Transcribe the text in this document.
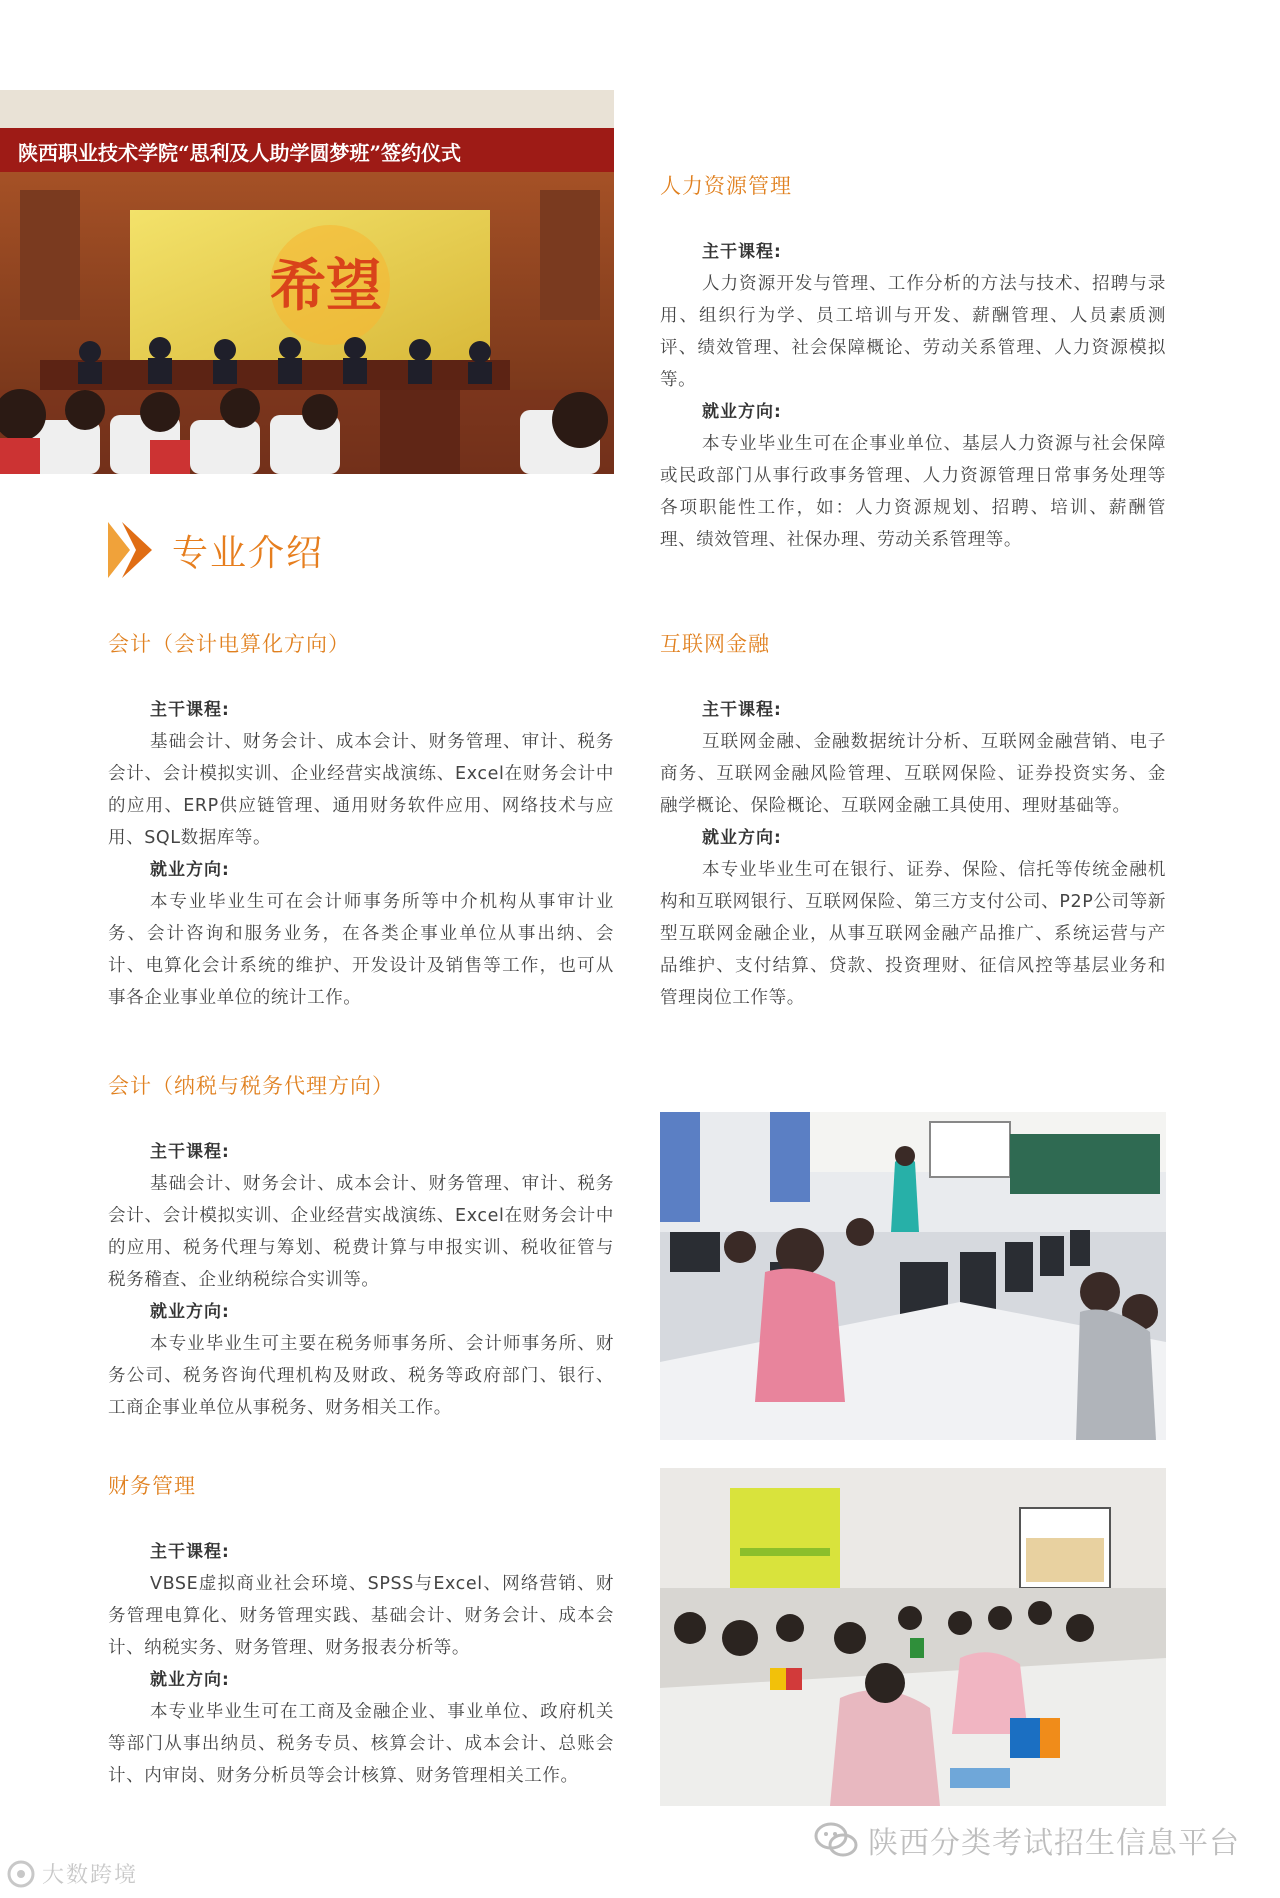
陕西职业技术学院“思利及人助学圆梦班”签约仪式
希望
专业介绍
人力资源管理
主干课程:

人力资源开发与管理、工作分析的方法与技术、招聘与录用、组织行为学、员工培训与开发、薪酬管理、人员素质测评、绩效管理、社会保障概论、劳动关系管理、人力资源模拟等。

就业方向:

本专业毕业生可在企事业单位、基层人力资源与社会保障或民政部门从事行政事务管理、人力资源管理日常事务处理等各项职能性工作，如：人力资源规划、招聘、培训、薪酬管理、绩效管理、社保办理、劳动关系管理等。

会计（会计电算化方向）
主干课程:

基础会计、财务会计、成本会计、财务管理、审计、税务会计、会计模拟实训、企业经营实战演练、Excel在财务会计中的应用、ERP供应链管理、通用财务软件应用、网络技术与应用、SQL数据库等。

就业方向:

本专业毕业生可在会计师事务所等中介机构从事审计业务、会计咨询和服务业务，在各类企事业单位从事出纳、会计、电算化会计系统的维护、开发设计及销售等工作，也可从事各企业事业单位的统计工作。

互联网金融
主干课程:

互联网金融、金融数据统计分析、互联网金融营销、电子商务、互联网金融风险管理、互联网保险、证券投资实务、金融学概论、保险概论、互联网金融工具使用、理财基础等。

就业方向:

本专业毕业生可在银行、证券、保险、信托等传统金融机构和互联网银行、互联网保险、第三方支付公司、P2P公司等新型互联网金融企业，从事互联网金融产品推广、系统运营与产品维护、支付结算、贷款、投资理财、征信风控等基层业务和管理岗位工作等。

会计（纳税与税务代理方向）
主干课程:

基础会计、财务会计、成本会计、财务管理、审计、税务会计、会计模拟实训、企业经营实战演练、Excel在财务会计中的应用、税务代理与筹划、税费计算与申报实训、税收征管与税务稽查、企业纳税综合实训等。

就业方向:

本专业毕业生可主要在税务师事务所、会计师事务所、财务公司、税务咨询代理机构及财政、税务等政府部门、银行、工商企事业单位从事税务、财务相关工作。

财务管理
主干课程:

VBSE虚拟商业社会环境、SPSS与Excel、网络营销、财务管理电算化、财务管理实践、基础会计、财务会计、成本会计、纳税实务、财务管理、财务报表分析等。

就业方向:

本专业毕业生可在工商及金融企业、事业单位、政府机关等部门从事出纳员、税务专员、核算会计、成本会计、总账会计、内审岗、财务分析员等会计核算、财务管理相关工作。

大数跨境
陕西分类考试招生信息平台
